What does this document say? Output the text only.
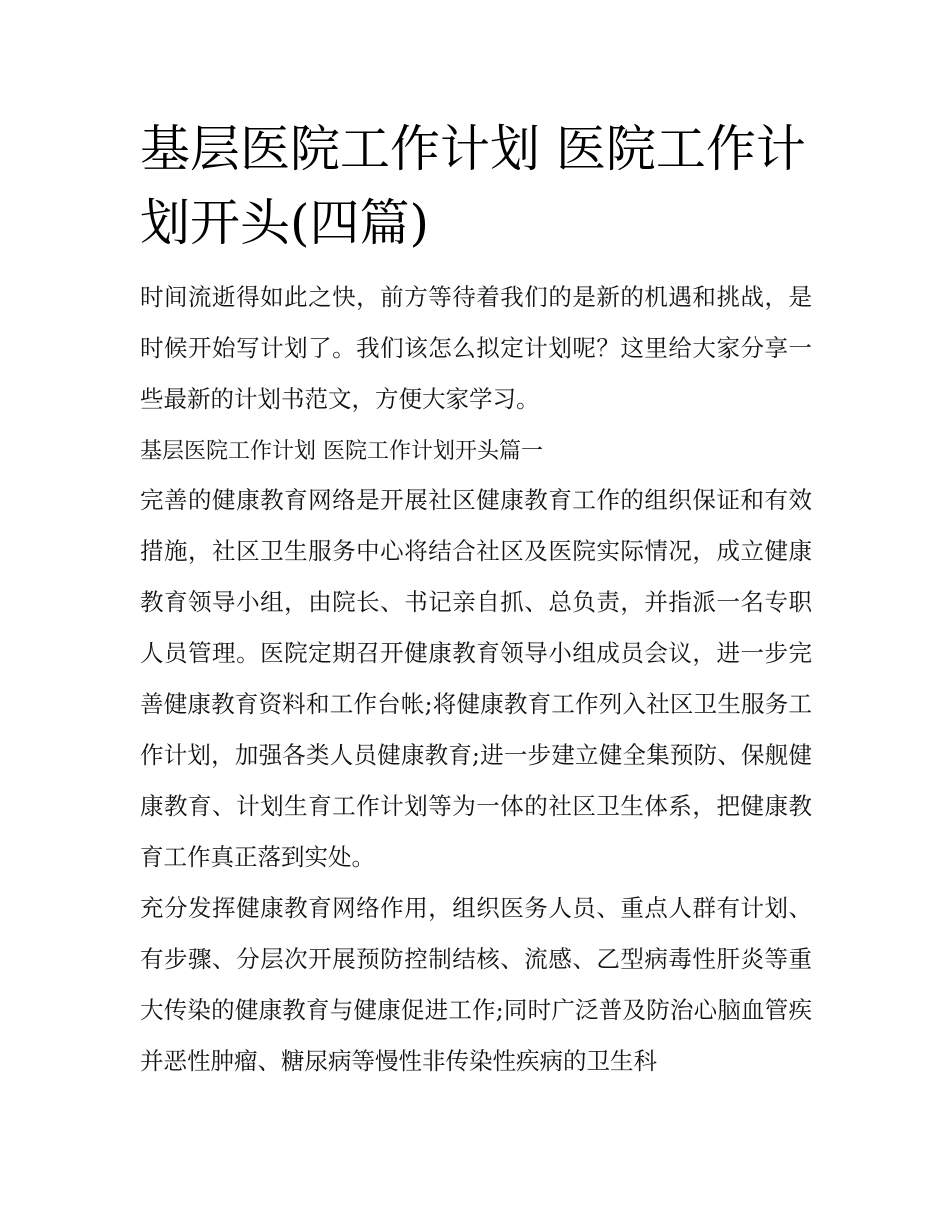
基层医院工作计划 医院工作计划开头(四篇)

时间流逝得如此之快，前方等待着我们的是新的机遇和挑战，是时候开始写计划了。我们该怎么拟定计划呢？这里给大家分享一些最新的计划书范文，方便大家学习。

基层医院工作计划 医院工作计划开头篇一

完善的健康教育网络是开展社区健康教育工作的组织保证和有效措施，社区卫生服务中心将结合社区及医院实际情况，成立健康教育领导小组，由院长、书记亲自抓、总负责，并指派一名专职人员管理。医院定期召开健康教育领导小组成员会议，进一步完善健康教育资料和工作台帐;将健康教育工作列入社区卫生服务工作计划，加强各类人员健康教育;进一步建立健全集预防、保舰健康教育、计划生育工作计划等为一体的社区卫生体系，把健康教育工作真正落到实处。

充分发挥健康教育网络作用，组织医务人员、重点人群有计划、有步骤、分层次开展预防控制结核、流感、乙型病毒性肝炎等重大传染的健康教育与健康促进工作;同时广泛普及防治心脑血管疾并恶性肿瘤、糖尿病等慢性非传染性疾病的卫生科
